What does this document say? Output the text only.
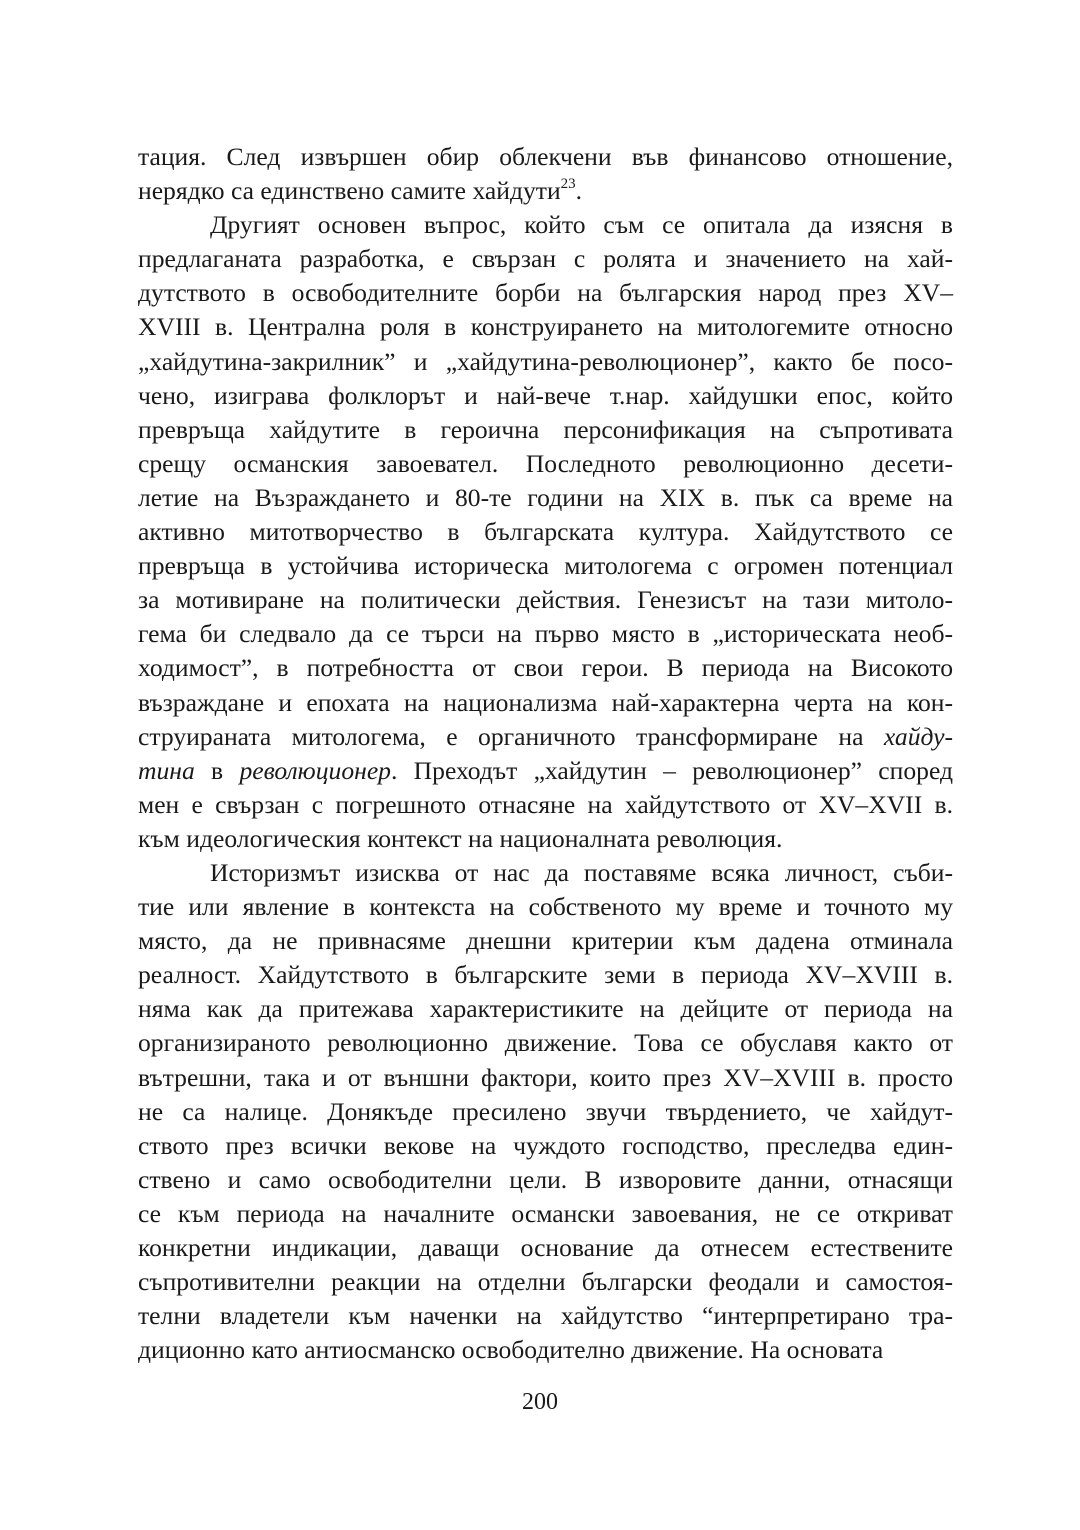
тация. След извършен обир облекчени във финансово отношение,
нерядко са единствено самите хайдути$^{23}$.
Другият основен въпрос, който съм се опитала да изясня в
предлаганата разработка, е свързан с ролята и значението на хай-
дутството в освободителните борби на българския народ през XV–
XVIII в. Централна роля в конструирането на митологемите относно
„хайдутина-закрилник” и „хайдутина-революционер”, както бе посо-
чено, изиграва фолклорът и най-вече т.нар. хайдушки епос, който
превръща хайдутите в героична персонификация на съпротивата
срещу османския завоевател. Последното революционно десети-
летие на Възраждането и 80-те години на XIX в. пък са време на
активно митотворчество в българската култура. Хайдутството се
превръща в устойчива историческа митологема с огромен потенциал
за мотивиране на политически действия. Генезисът на тази митоло-
гема би следвало да се търси на първо място в „историческата необ-
ходимост”, в потребността от свои герои. В периода на Високото
възраждане и епохата на национализма най-характерна черта на кон-
струираната митологема, е органичното трансформиране на хайду-
тина в революционер. Преходът „хайдутин – революционер” според
мен е свързан с погрешното отнасяне на хайдутството от XV–XVII в.
към идеологическия контекст на националната революция.
Историзмът изисква от нас да поставяме всяка личност, съби-
тие или явление в контекста на собственото му време и точното му
място, да не привнасяме днешни критерии към дадена отминала
реалност. Хайдутството в българските земи в периода XV–XVIII в.
няма как да притежава характеристиките на дейците от периода на
организираното революционно движение. Това се обуславя както от
вътрешни, така и от външни фактори, които през XV–XVIII в. просто
не са налице. Донякъде пресилено звучи твърдението, че хайдут-
ството през всички векове на чуждото господство, преследва един-
ствено и само освободителни цели. В изворовите данни, отнасящи
се към периода на началните османски завоевания, не се откриват
конкретни индикации, даващи основание да отнесем естествените
съпротивителни реакции на отделни български феодали и самостоя-
телни владетели към наченки на хайдутство “интерпретирано тра-
диционно като антиосманско освободително движение. На основата
200
